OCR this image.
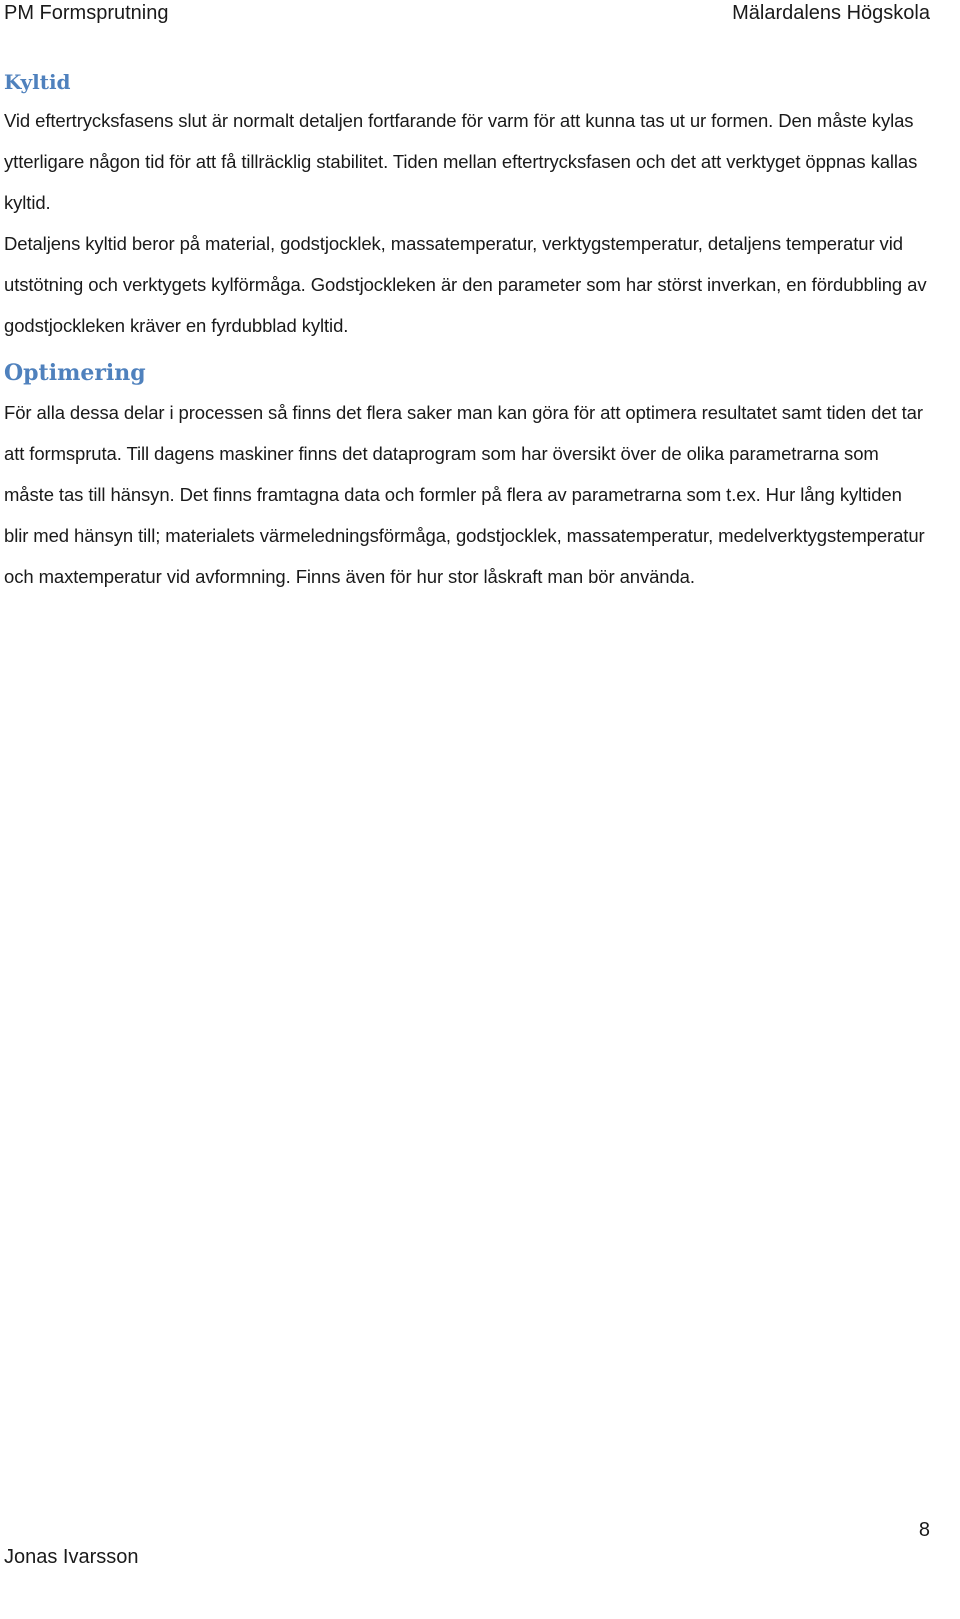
PM Formsprutning	Mälardalens Högskola
Kyltid

Vid eftertrycksfasens slut är normalt detaljen fortfarande för varm för att kunna tas ut ur formen. Den måste kylas ytterligare någon tid för att få tillräcklig stabilitet. Tiden mellan eftertrycksfasen och det att verktyget öppnas kallas kyltid.

Detaljens kyltid beror på material, godstjocklek, massatemperatur, verktygstemperatur, detaljens temperatur vid utstötning och verktygets kylförmåga. Godstjockleken är den parameter som har störst inverkan, en fördubbling av godstjockleken kräver en fyrdubblad kyltid.

Optimering

För alla dessa delar i processen så finns det flera saker man kan göra för att optimera resultatet samt tiden det tar att formspruta. Till dagens maskiner finns det dataprogram som har översikt över de olika parametrarna som måste tas till hänsyn. Det finns framtagna data och formler på flera av parametrarna som t.ex. Hur lång kyltiden blir med hänsyn till; materialets värmeledningsförmåga, godstjocklek, massatemperatur, medelverktygstemperatur och maxtemperatur vid avformning. Finns även för hur stor låskraft man bör använda.

8
Jonas Ivarsson
